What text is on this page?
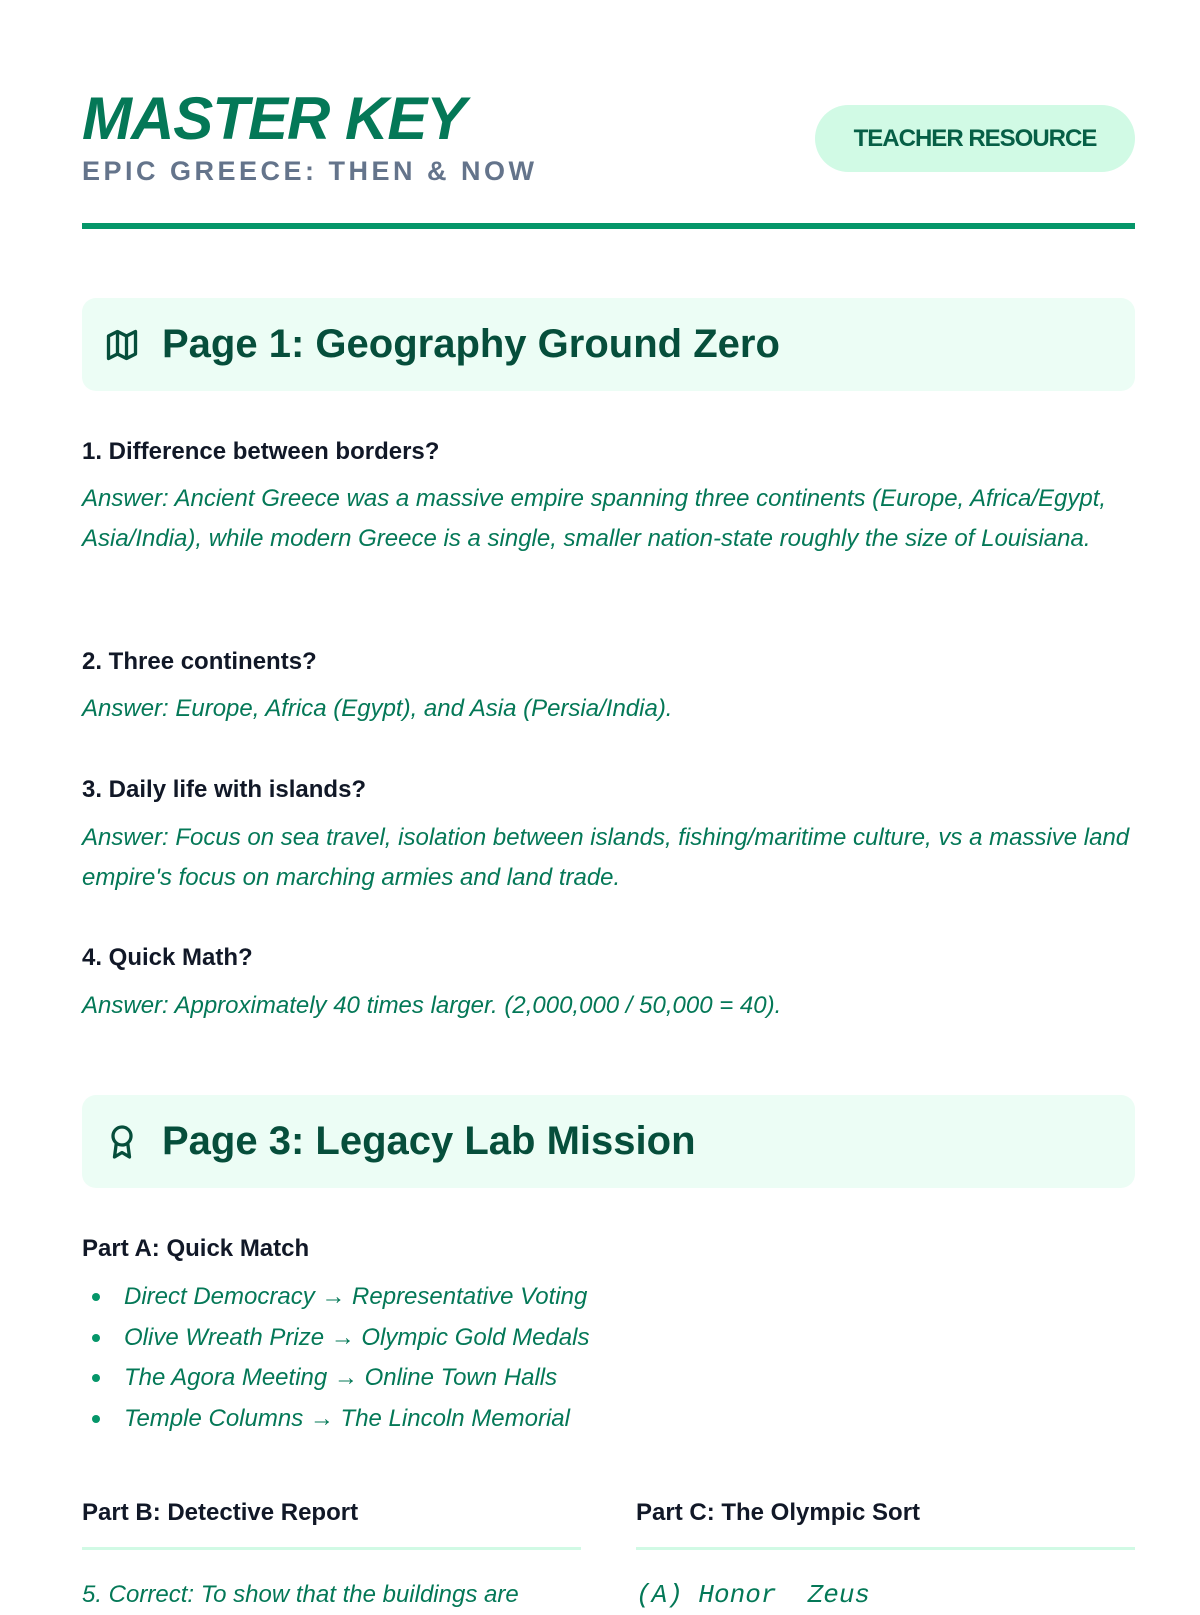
MASTER KEY
EPIC GREECE: THEN & NOW
TEACHER RESOURCE
Page 1: Geography Ground Zero
1. Difference between borders?
Answer: Ancient Greece was a massive empire spanning three continents (Europe, Africa/Egypt, Asia/India), while modern Greece is a single, smaller nation-state roughly the size of Louisiana.
2. Three continents?
Answer: Europe, Africa (Egypt), and Asia (Persia/India).
3. Daily life with islands?
Answer: Focus on sea travel, isolation between islands, fishing/maritime culture, vs a massive land empire's focus on marching armies and land trade.
4. Quick Math?
Answer: Approximately 40 times larger. (2,000,000 / 50,000 = 40).
Page 3: Legacy Lab Mission
Part A: Quick Match
Direct Democracy → Representative Voting
Olive Wreath Prize → Olympic Gold Medals
The Agora Meeting → Online Town Halls
Temple Columns → The Lincoln Memorial
Part B: Detective Report
5. Correct: To show that the buildings are
Part C: The Olympic Sort
(A) Honor  Zeus
